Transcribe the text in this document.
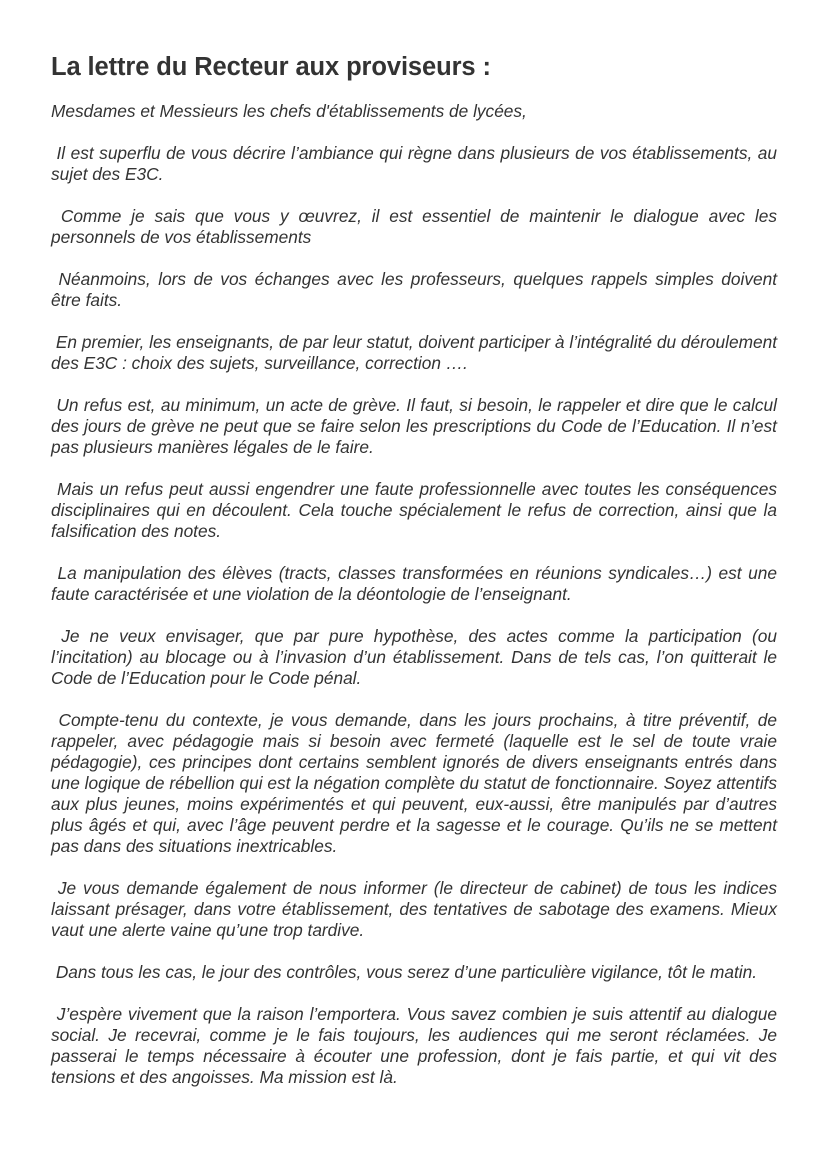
La lettre du Recteur aux proviseurs :

Mesdames et Messieurs les chefs d'établissements de lycées,

Il est superflu de vous décrire l’ambiance qui règne dans plusieurs de vos établissements, au sujet des E3C.

Comme je sais que vous y œuvrez, il est essentiel de maintenir le dialogue avec les personnels de vos établissements

Néanmoins, lors de vos échanges avec les professeurs, quelques rappels simples doivent être faits.

En premier, les enseignants, de par leur statut, doivent participer à l’intégralité du déroulement des E3C : choix des sujets, surveillance, correction ….

Un refus est, au minimum, un acte de grève. Il faut, si besoin, le rappeler et dire que le calcul des jours de grève ne peut que se faire selon les prescriptions du Code de l’Education. Il n’est pas plusieurs manières légales de le faire.

Mais un refus peut aussi engendrer une faute professionnelle avec toutes les conséquences disciplinaires qui en découlent. Cela touche spécialement le refus de correction, ainsi que la falsification des notes.

La manipulation des élèves (tracts, classes transformées en réunions syndicales…) est une faute caractérisée et une violation de la déontologie de l’enseignant.

Je ne veux envisager, que par pure hypothèse, des actes comme la participation (ou l’incitation) au blocage ou à l’invasion d’un établissement. Dans de tels cas, l’on quitterait le Code de l’Education pour le Code pénal.

Compte-tenu du contexte, je vous demande, dans les jours prochains, à titre préventif, de rappeler, avec pédagogie mais si besoin avec fermeté (laquelle est le sel de toute vraie pédagogie), ces principes dont certains semblent ignorés de divers enseignants entrés dans une logique de rébellion qui est la négation complète du statut de fonctionnaire. Soyez attentifs aux plus jeunes, moins expérimentés et qui peuvent, eux-aussi, être manipulés par d’autres plus âgés et qui, avec l’âge peuvent perdre et la sagesse et le courage. Qu’ils ne se mettent pas dans des situations inextricables.

Je vous demande également de nous informer (le directeur de cabinet) de tous les indices laissant présager, dans votre établissement, des tentatives de sabotage des examens. Mieux vaut une alerte vaine qu’une trop tardive.

Dans tous les cas, le jour des contrôles, vous serez d’une particulière vigilance, tôt le matin.

J’espère vivement que la raison l’emportera. Vous savez combien je suis attentif au dialogue social. Je recevrai, comme je le fais toujours, les audiences qui me seront réclamées. Je passerai le temps nécessaire à écouter une profession, dont je fais partie, et qui vit des tensions et des angoisses. Ma mission est là.
